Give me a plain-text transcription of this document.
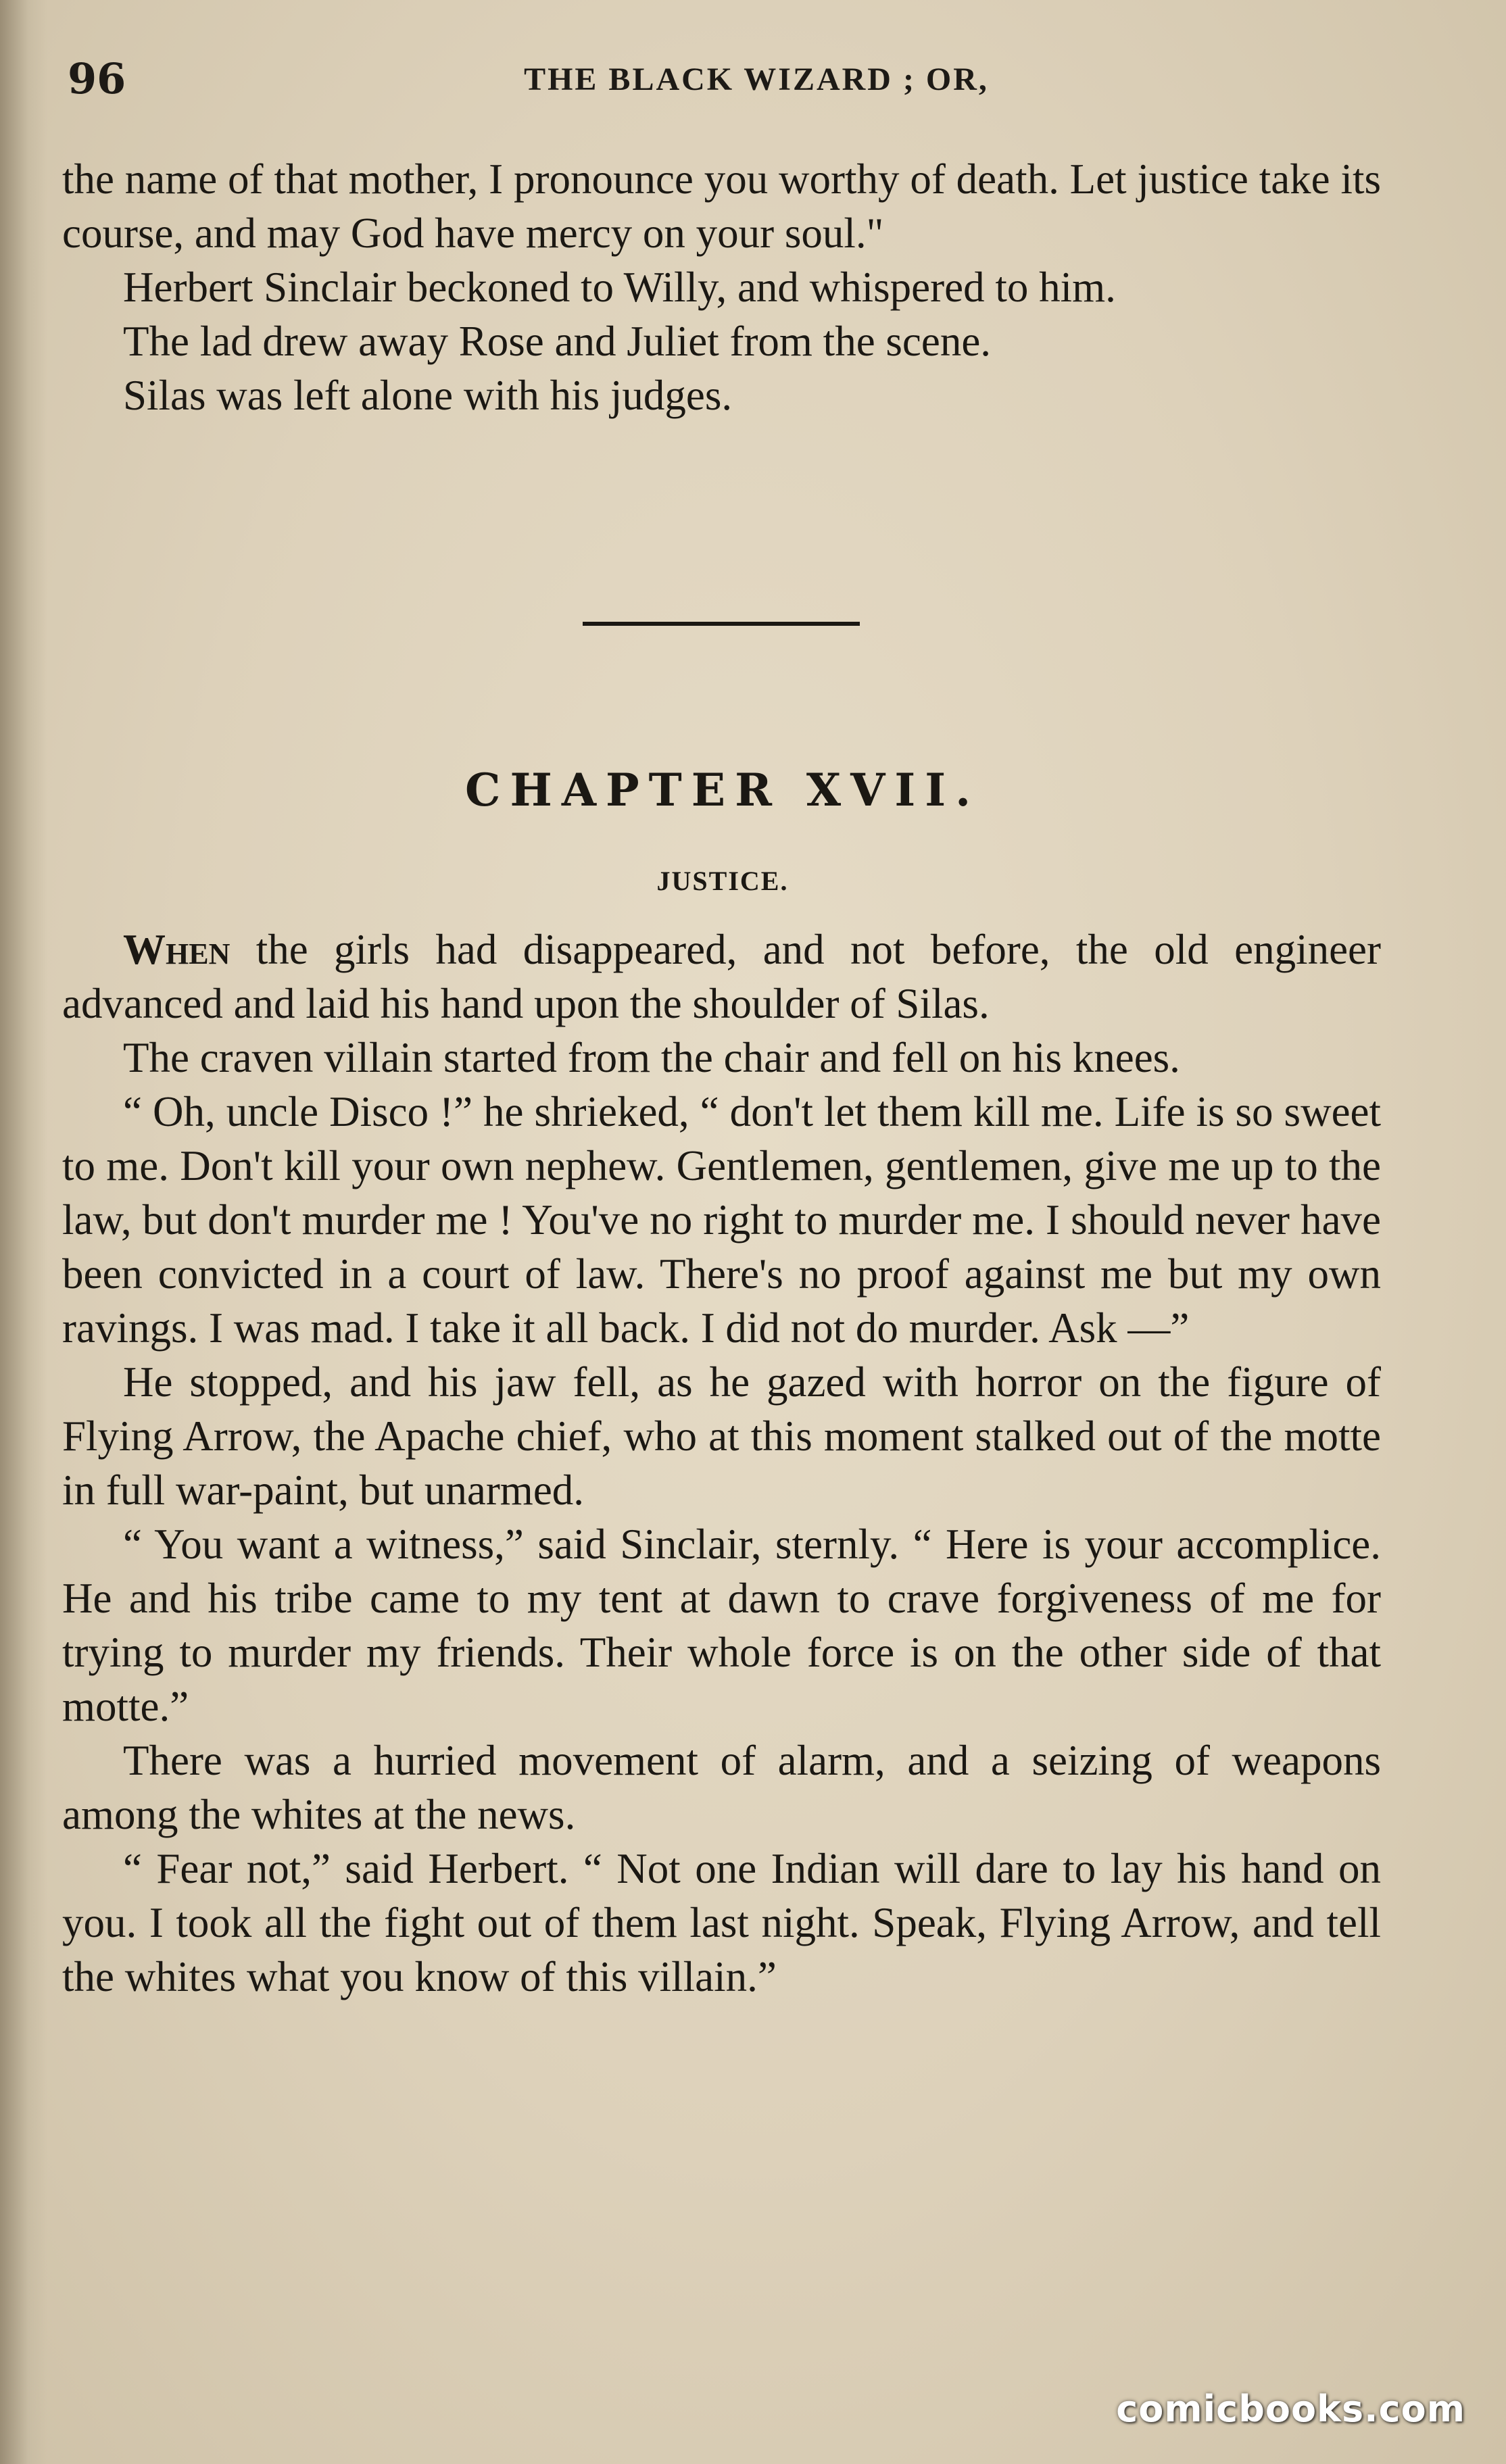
96	THE BLACK WIZARD ; OR,

the name of that mother, I pronounce you worthy of death. Let justice take its course, and may God have mercy on your soul."

Herbert Sinclair beckoned to Willy, and whispered to him.

The lad drew away Rose and Juliet from the scene.

Silas was left alone with his judges.

CHAPTER XVII.
JUSTICE.

When the girls had disappeared, and not before, the old engineer advanced and laid his hand upon the shoulder of Silas.

The craven villain started from the chair and fell on his knees.

“ Oh, uncle Disco !” he shrieked, “ don't let them kill me. Life is so sweet to me. Don't kill your own nephew. Gentlemen, gentlemen, give me up to the law, but don't murder me ! You've no right to murder me. I should never have been convicted in a court of law. There's no proof against me but my own ravings. I was mad. I take it all back. I did not do murder. Ask —”

He stopped, and his jaw fell, as he gazed with horror on the figure of Flying Arrow, the Apache chief, who at this moment stalked out of the motte in full war-paint, but unarmed.

“ You want a witness,” said Sinclair, sternly. “ Here is your accomplice. He and his tribe came to my tent at dawn to crave forgiveness of me for trying to murder my friends. Their whole force is on the other side of that motte.”

There was a hurried movement of alarm, and a seizing of weapons among the whites at the news.

“ Fear not,” said Herbert. “ Not one Indian will dare to lay his hand on you. I took all the fight out of them last night. Speak, Flying Arrow, and tell the whites what you know of this villain.”

comicbooks.com
